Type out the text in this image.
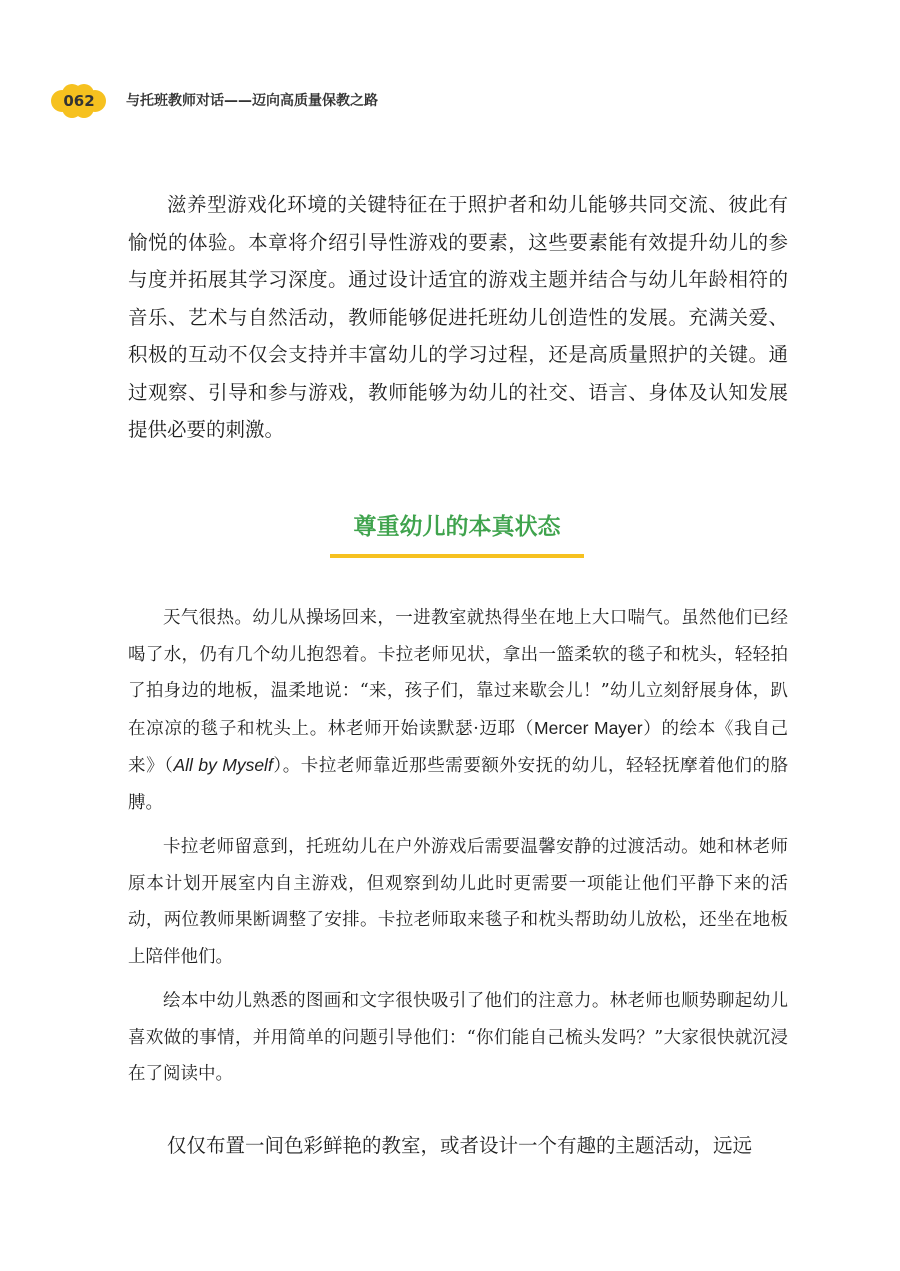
062	与托班教师对话——迈向高质量保教之路

滋养型游戏化环境的关键特征在于照护者和幼儿能够共同交流、彼此有愉悦的体验。本章将介绍引导性游戏的要素，这些要素能有效提升幼儿的参与度并拓展其学习深度。通过设计适宜的游戏主题并结合与幼儿年龄相符的音乐、艺术与自然活动，教师能够促进托班幼儿创造性的发展。充满关爱、积极的互动不仅会支持并丰富幼儿的学习过程，还是高质量照护的关键。通过观察、引导和参与游戏，教师能够为幼儿的社交、语言、身体及认知发展提供必要的刺激。

尊重幼儿的本真状态

天气很热。幼儿从操场回来，一进教室就热得坐在地上大口喘气。虽然他们已经喝了水，仍有几个幼儿抱怨着。卡拉老师见状，拿出一篮柔软的毯子和枕头，轻轻拍了拍身边的地板，温柔地说：“来，孩子们，靠过来歇会儿！”幼儿立刻舒展身体，趴在凉凉的毯子和枕头上。林老师开始读默瑟·迈耶（Mercer Mayer）的绘本《我自己来》（All by Myself）。卡拉老师靠近那些需要额外安抚的幼儿，轻轻抚摩着他们的胳膊。

卡拉老师留意到，托班幼儿在户外游戏后需要温馨安静的过渡活动。她和林老师原本计划开展室内自主游戏，但观察到幼儿此时更需要一项能让他们平静下来的活动，两位教师果断调整了安排。卡拉老师取来毯子和枕头帮助幼儿放松，还坐在地板上陪伴他们。

绘本中幼儿熟悉的图画和文字很快吸引了他们的注意力。林老师也顺势聊起幼儿喜欢做的事情，并用简单的问题引导他们：“你们能自己梳头发吗？”大家很快就沉浸在了阅读中。

仅仅布置一间色彩鲜艳的教室，或者设计一个有趣的主题活动，远远
